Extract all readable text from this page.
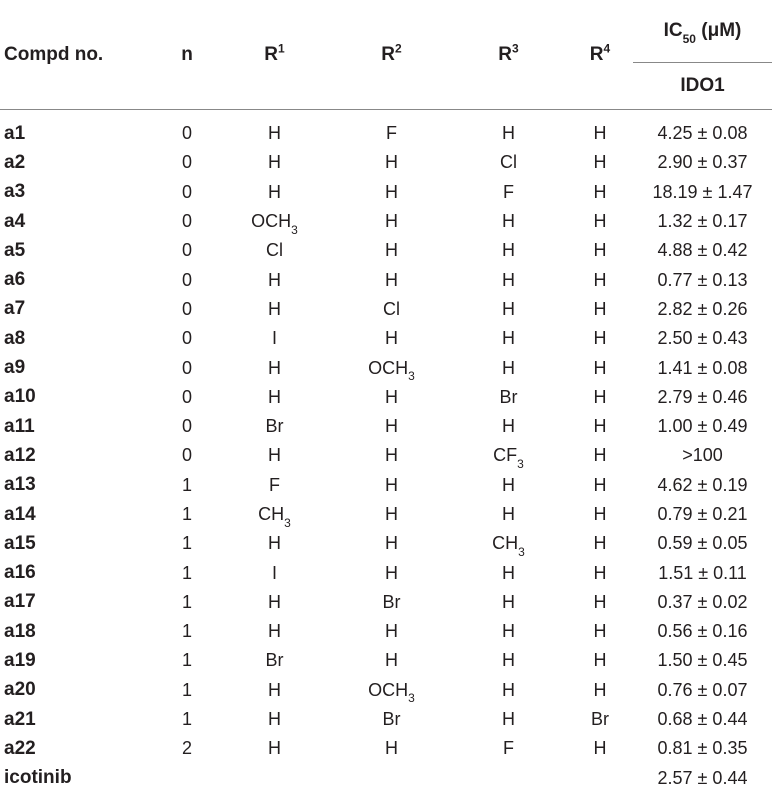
Compd no.	n	$R^1$	$R^2$	$R^3$	$R^4$	$IC_{50}$ (μM)
						IDO1
a1	0	H	F	H	H	4.25 ± 0.08
a2	0	H	H	Cl	H	2.90 ± 0.37
a3	0	H	H	F	H	18.19 ± 1.47
a4	0	$OCH_3$	H	H	H	1.32 ± 0.17
a5	0	Cl	H	H	H	4.88 ± 0.42
a6	0	H	H	H	H	0.77 ± 0.13
a7	0	H	Cl	H	H	2.82 ± 0.26
a8	0	I	H	H	H	2.50 ± 0.43
a9	0	H	$OCH_3$	H	H	1.41 ± 0.08
a10	0	H	H	Br	H	2.79 ± 0.46
a11	0	Br	H	H	H	1.00 ± 0.49
a12	0	H	H	$CF_3$	H	>100
a13	1	F	H	H	H	4.62 ± 0.19
a14	1	$CH_3$	H	H	H	0.79 ± 0.21
a15	1	H	H	$CH_3$	H	0.59 ± 0.05
a16	1	I	H	H	H	1.51 ± 0.11
a17	1	H	Br	H	H	0.37 ± 0.02
a18	1	H	H	H	H	0.56 ± 0.16
a19	1	Br	H	H	H	1.50 ± 0.45
a20	1	H	$OCH_3$	H	H	0.76 ± 0.07
a21	1	H	Br	H	Br	0.68 ± 0.44
a22	2	H	H	F	H	0.81 ± 0.35
icotinib						2.57 ± 0.44
